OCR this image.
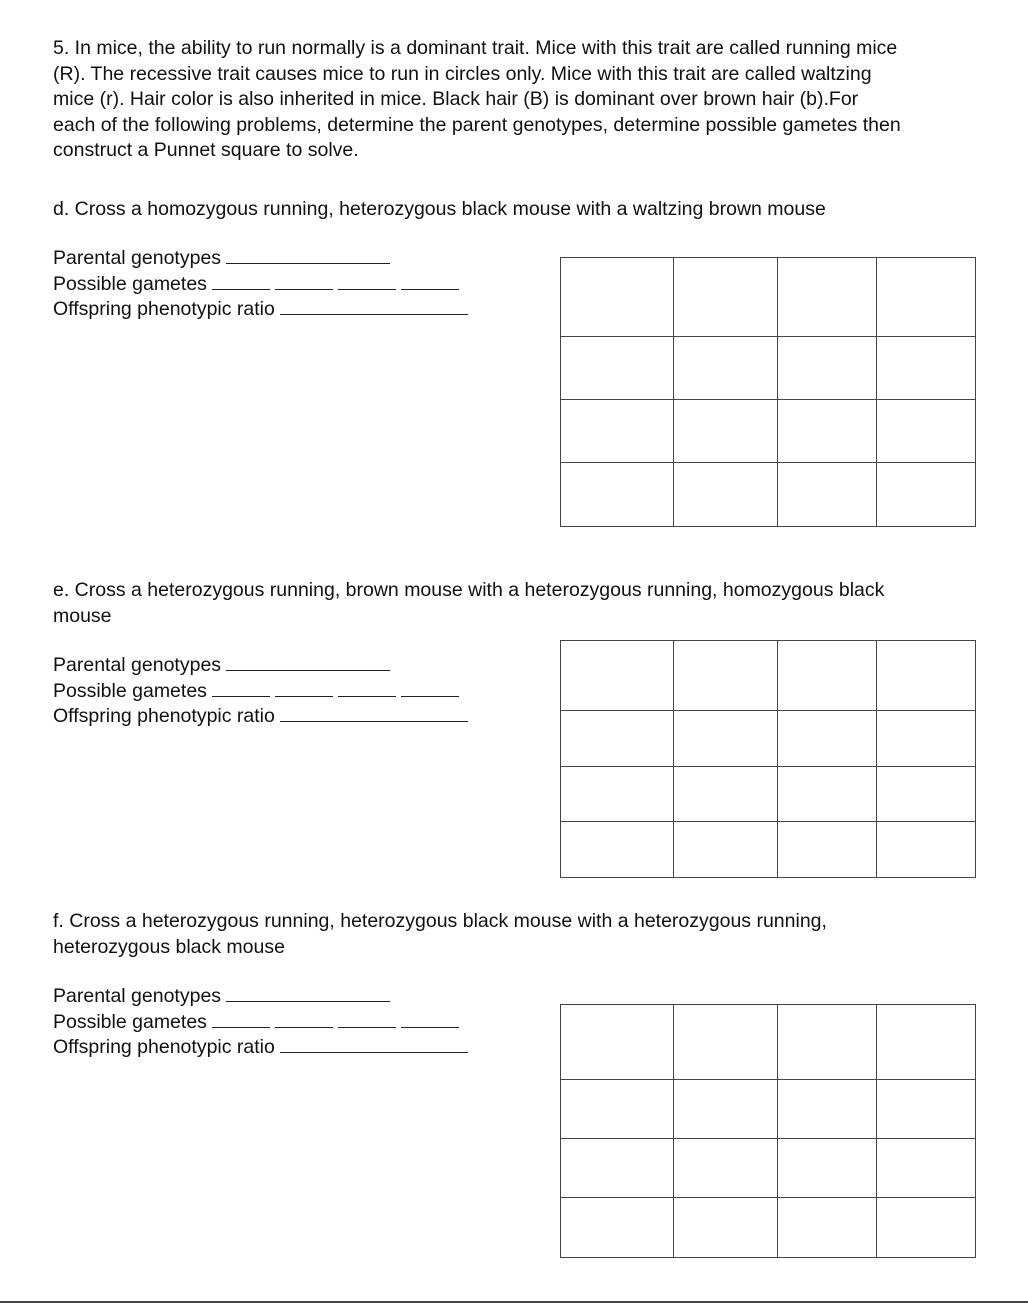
5. In mice, the ability to run normally is a dominant trait. Mice with this trait are called running mice (R). The recessive trait causes mice to run in circles only. Mice with this trait are called waltzing mice (r). Hair color is also inherited in mice. Black hair (B) is dominant over brown hair (b).For each of the following problems, determine the parent genotypes, determine possible gametes then construct a Punnet square to solve.

d. Cross a homozygous running, heterozygous black mouse with a waltzing brown mouse

Parental genotypes
Possible gametes
Offspring phenotypic ratio

e. Cross a heterozygous running, brown mouse with a heterozygous running, homozygous black mouse

Parental genotypes
Possible gametes
Offspring phenotypic ratio

f. Cross a heterozygous running, heterozygous black mouse with a heterozygous running, heterozygous black mouse

Parental genotypes
Possible gametes
Offspring phenotypic ratio
